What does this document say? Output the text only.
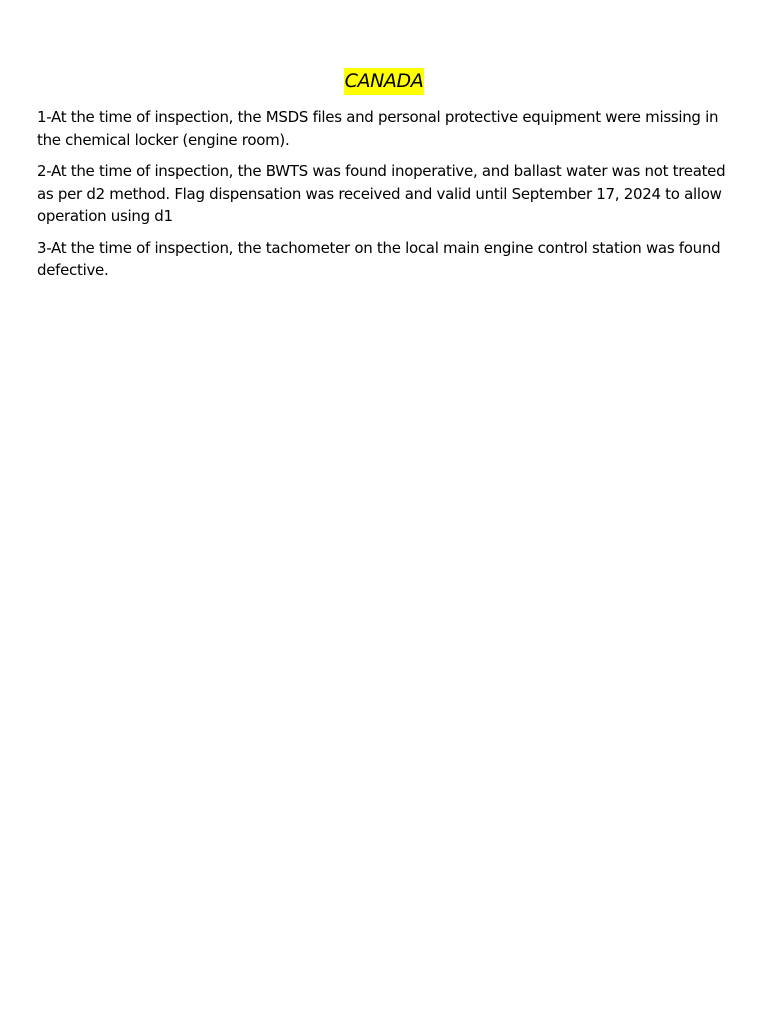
CANADA

1-At the time of inspection, the MSDS files and personal protective equipment were missing in the chemical locker (engine room).

2-At the time of inspection, the BWTS was found inoperative, and ballast water was not treated as per d2 method. Flag dispensation was received and valid until September 17, 2024 to allow operation using d1

3-At the time of inspection, the tachometer on the local main engine control station was found defective.
